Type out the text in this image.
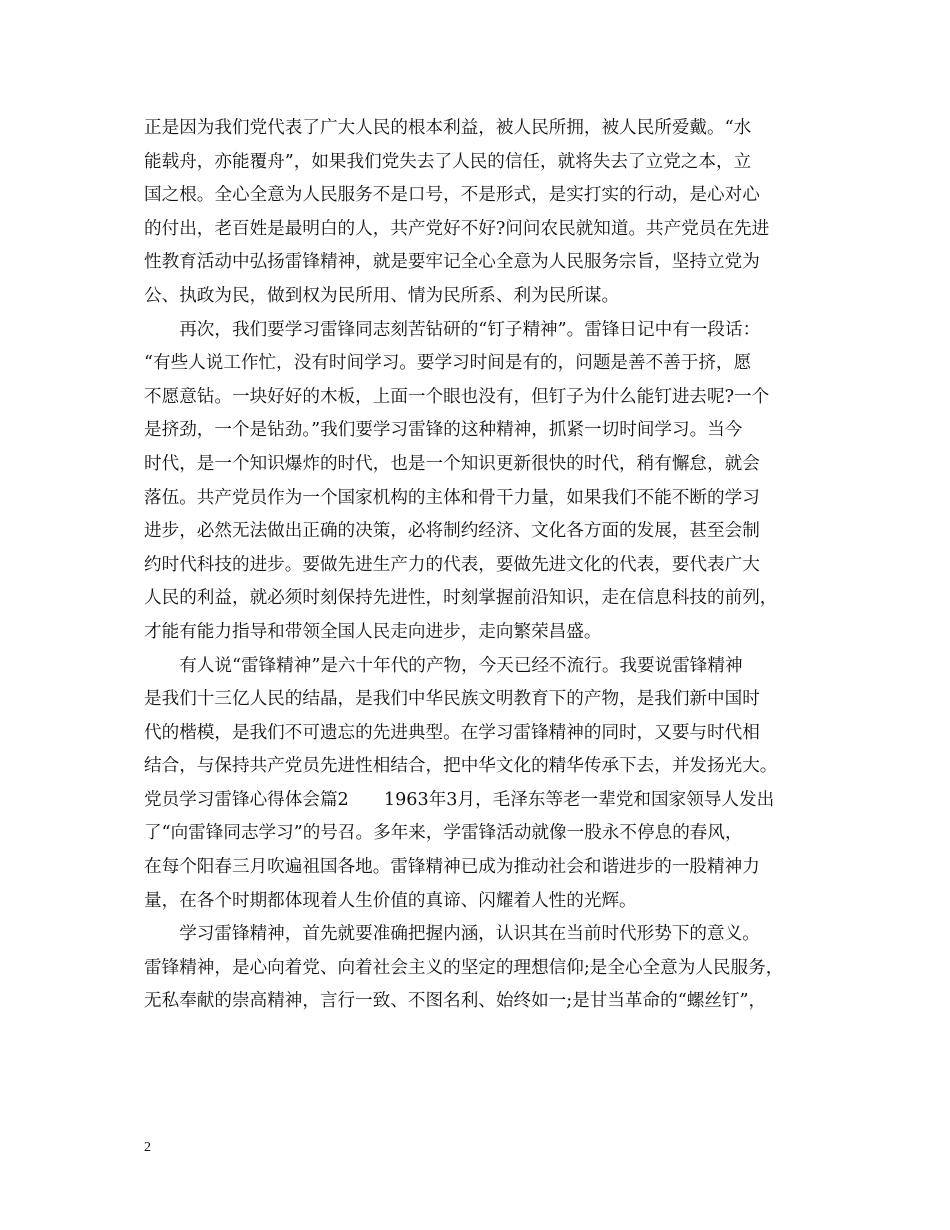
正是因为我们党代表了广大人民的根本利益，被人民所拥，被人民所爱戴。“水
能载舟，亦能覆舟”，如果我们党失去了人民的信任，就将失去了立党之本，立
国之根。全心全意为人民服务不是口号，不是形式，是实打实的行动，是心对心
的付出，老百姓是最明白的人，共产党好不好?问问农民就知道。共产党员在先进
性教育活动中弘扬雷锋精神，就是要牢记全心全意为人民服务宗旨，坚持立党为
公、执政为民，做到权为民所用、情为民所系、利为民所谋。
　　再次，我们要学习雷锋同志刻苦钻研的“钉子精神”。雷锋日记中有一段话：
“有些人说工作忙，没有时间学习。要学习时间是有的，问题是善不善于挤，愿
不愿意钻。一块好好的木板，上面一个眼也没有，但钉子为什么能钉进去呢?一个
是挤劲，一个是钻劲。”我们要学习雷锋的这种精神，抓紧一切时间学习。当今
时代，是一个知识爆炸的时代，也是一个知识更新很快的时代，稍有懈怠，就会
落伍。共产党员作为一个国家机构的主体和骨干力量，如果我们不能不断的学习
进步，必然无法做出正确的决策，必将制约经济、文化各方面的发展，甚至会制
约时代科技的进步。要做先进生产力的代表，要做先进文化的代表，要代表广大
人民的利益，就必须时刻保持先进性，时刻掌握前沿知识，走在信息科技的前列，
才能有能力指导和带领全国人民走向进步，走向繁荣昌盛。
　　有人说“雷锋精神”是六十年代的产物，今天已经不流行。我要说雷锋精神
是我们十三亿人民的结晶，是我们中华民族文明教育下的产物，是我们新中国时
代的楷模，是我们不可遗忘的先进典型。在学习雷锋精神的同时，又要与时代相
结合，与保持共产党员先进性相结合，把中华文化的精华传承下去，并发扬光大。
党员学习雷锋心得体会篇2　　1963年3月，毛泽东等老一辈党和国家领导人发出
了“向雷锋同志学习”的号召。多年来，学雷锋活动就像一股永不停息的春风，
在每个阳春三月吹遍祖国各地。雷锋精神已成为推动社会和谐进步的一股精神力
量，在各个时期都体现着人生价值的真谛、闪耀着人性的光辉。
　　学习雷锋精神，首先就要准确把握内涵，认识其在当前时代形势下的意义。
雷锋精神，是心向着党、向着社会主义的坚定的理想信仰;是全心全意为人民服务，
无私奉献的崇高精神，言行一致、不图名利、始终如一;是甘当革命的“螺丝钉”，
2
